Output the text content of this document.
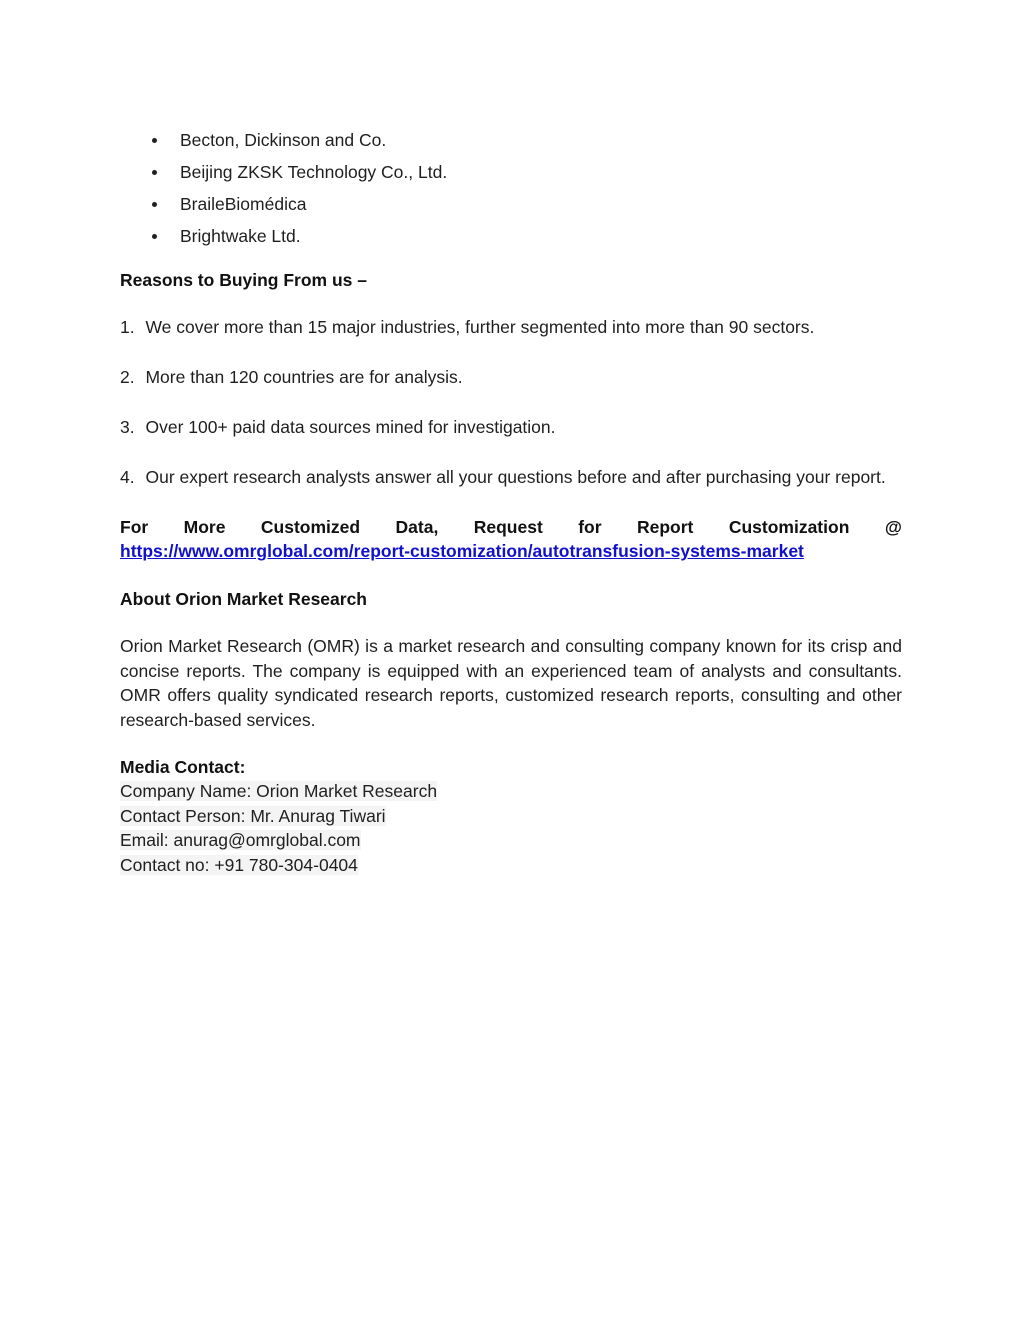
Becton, Dickinson and Co.
Beijing ZKSK Technology Co., Ltd.
BraileBiomédica
Brightwake Ltd.
Reasons to Buying From us –
1. We cover more than 15 major industries, further segmented into more than 90 sectors.
2. More than 120 countries are for analysis.
3. Over 100+ paid data sources mined for investigation.
4. Our expert research analysts answer all your questions before and after purchasing your report.
For More Customized Data, Request for Report Customization @
https://www.omrglobal.com/report-customization/autotransfusion-systems-market
About Orion Market Research
Orion Market Research (OMR) is a market research and consulting company known for its crisp and concise reports. The company is equipped with an experienced team of analysts and consultants. OMR offers quality syndicated research reports, customized research reports, consulting and other research-based services.
Media Contact:
Company Name: Orion Market Research
Contact Person: Mr. Anurag Tiwari
Email: anurag@omrglobal.com
Contact no: +91 780-304-0404
